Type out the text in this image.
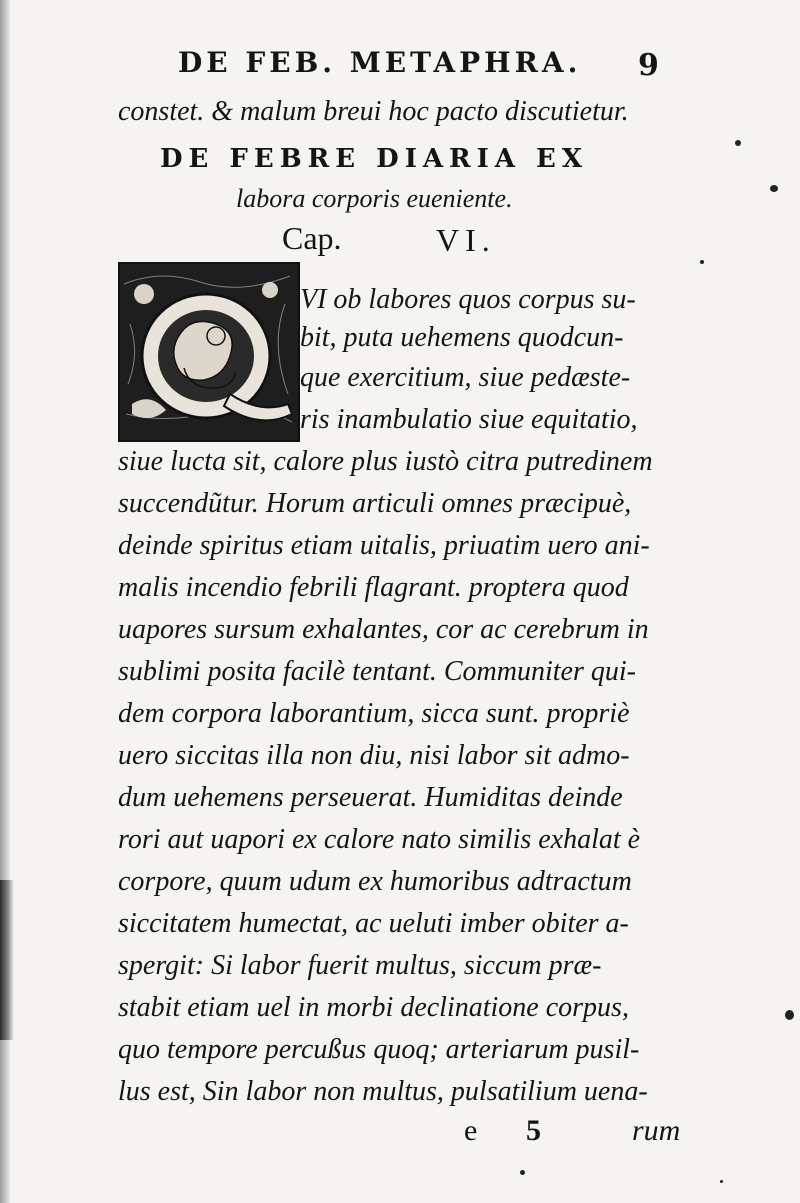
DE FEB. METAPHRA.	9
constet. & malum breui hoc pacto discutietur.
DE FEBRE DIARIA EX
labora corporis eueniente.
Cap.	VI.
VI ob labores quos corpus su-
bit, puta uehemens quodcun-
que exercitium, siue pedæste-
ris inambulatio siue equitatio,
siue lucta sit, calore plus iustò citra putredinem
succendũtur. Horum articuli omnes præcipuè,
deinde spiritus etiam uitalis, priuatim uero ani-
malis incendio febrili flagrant. proptera quod
uapores sursum exhalantes, cor ac cerebrum in
sublimi posita facilè tentant. Communiter qui-
dem corpora laborantium, sicca sunt. propriè
uero siccitas illa non diu, nisi labor sit admo-
dum uehemens perseuerat. Humiditas deinde
rori aut uapori ex calore nato similis exhalat è
corpore, quum udum ex humoribus adtractum
siccitatem humectat, ac ueluti imber obiter a-
spergit: Si labor fuerit multus, siccum præ-
stabit etiam uel in morbi declinatione corpus,
quo tempore percußus quoq; arteriarum pusil-
lus est, Sin labor non multus, pulsatilium uena-
e 5	rum
